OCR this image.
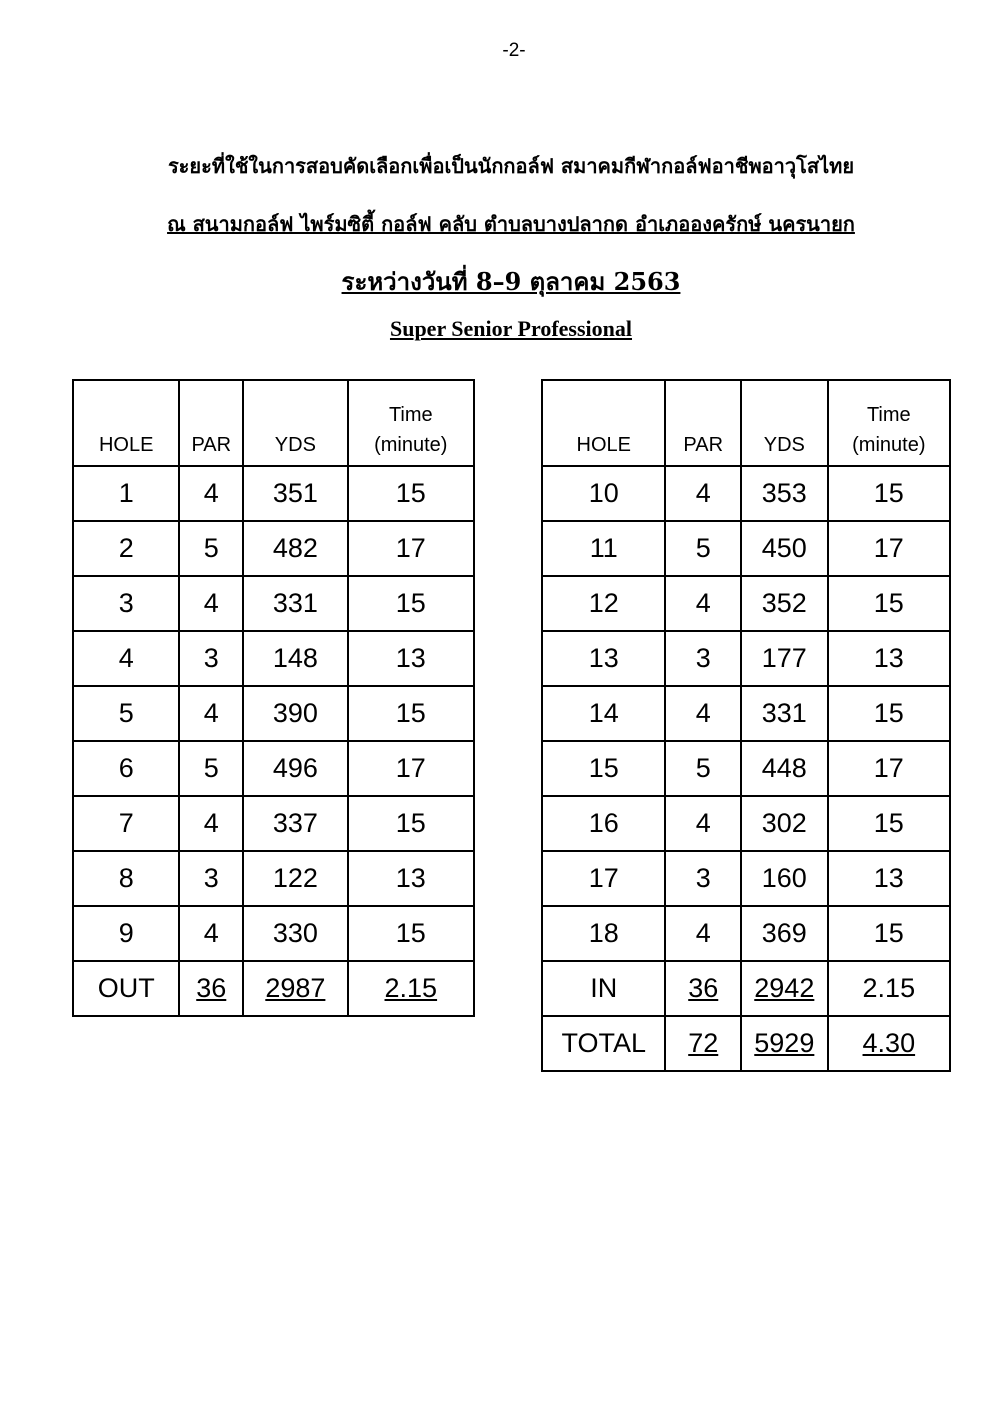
-2-
ระยะที่ใช้ในการสอบคัดเลือกเพื่อเป็นนักกอล์ฟ สมาคมกีฬากอล์ฟอาชีพอาวุโสไทย
ณ สนามกอล์ฟ ไพร์มซิตี้ กอล์ฟ คลับ ตำบลบางปลากด อำเภอองครักษ์ นครนายก
ระหว่างวันที่ 8–9 ตุลาคม 2563
Super Senior Professional
HOLE	PAR	YDS	Time
(minute)
1	4	351	15
2	5	482	17
3	4	331	15
4	3	148	13
5	4	390	15
6	5	496	17
7	4	337	15
8	3	122	13
9	4	330	15
OUT	36	2987	2.15
HOLE	PAR	YDS	Time
(minute)
10	4	353	15
11	5	450	17
12	4	352	15
13	3	177	13
14	4	331	15
15	5	448	17
16	4	302	15
17	3	160	13
18	4	369	15
IN	36	2942	2.15
TOTAL	72	5929	4.30
